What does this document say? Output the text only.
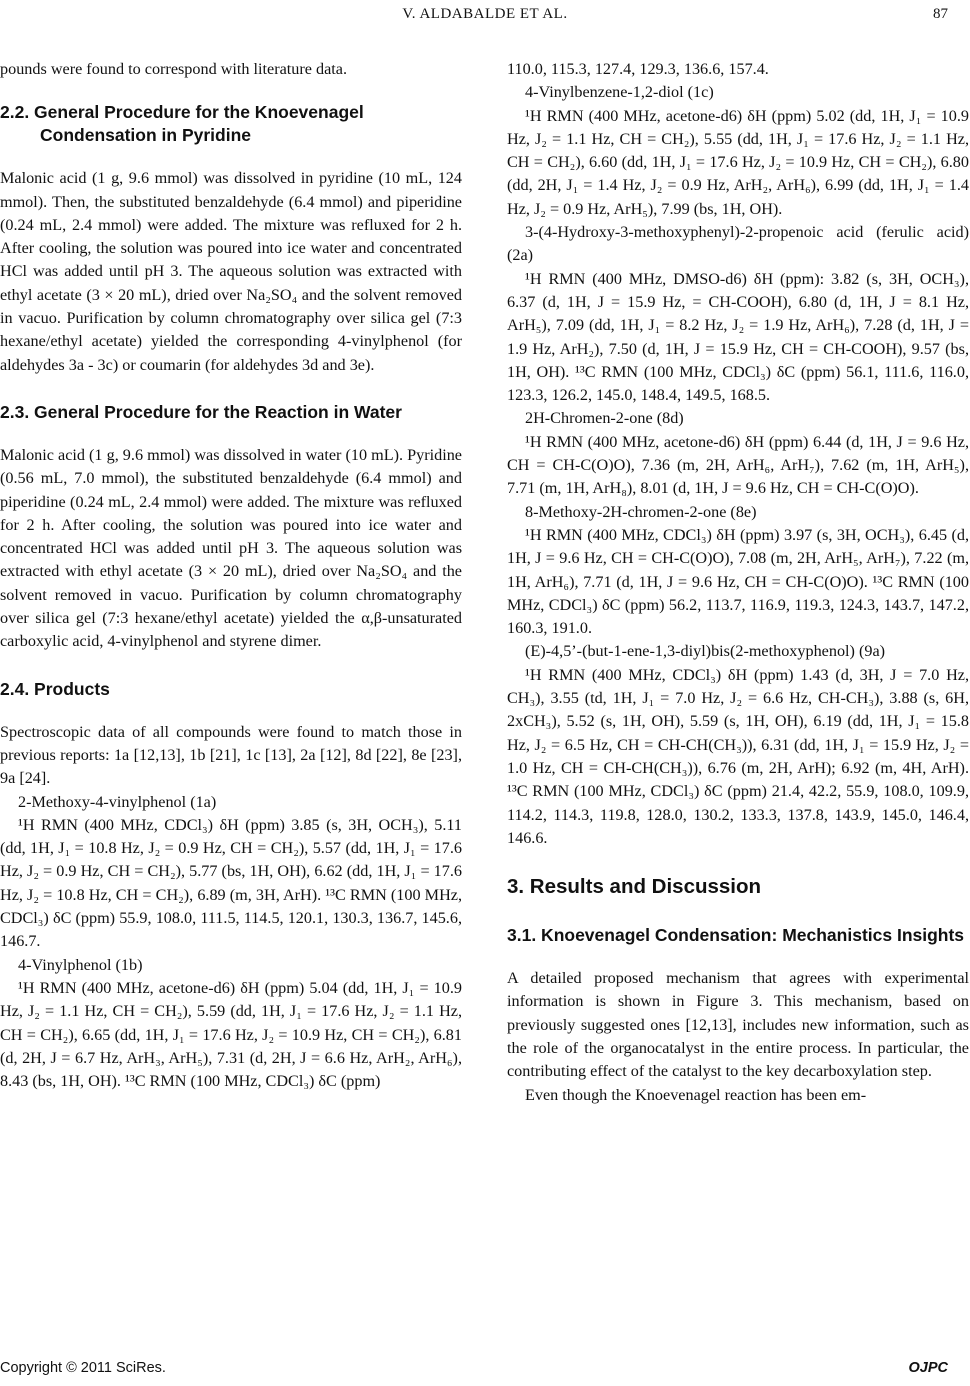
V. ALDABALDE ET AL.	87

pounds were found to correspond with literature data.

2.2. General Procedure for the Knoevenagel Condensation in Pyridine

Malonic acid (1 g, 9.6 mmol) was dissolved in pyridine (10 mL, 124 mmol). Then, the substituted benzaldehyde (6.4 mmol) and piperidine (0.24 mL, 2.4 mmol) were added. The mixture was refluxed for 2 h. After cooling, the solution was poured into ice water and concentrated HCl was added until pH 3. The aqueous solution was extracted with ethyl acetate (3 × 20 mL), dried over Na₂SO₄ and the solvent removed in vacuo. Purification by column chromatography over silica gel (7:3 hexane/ethyl acetate) yielded the corresponding 4-vinylphenol (for aldehydes 3a - 3c) or coumarin (for aldehydes 3d and 3e).

2.3. General Procedure for the Reaction in Water

Malonic acid (1 g, 9.6 mmol) was dissolved in water (10 mL). Pyridine (0.56 mL, 7.0 mmol), the substituted benzaldehyde (6.4 mmol) and piperidine (0.24 mL, 2.4 mmol) were added. The mixture was refluxed for 2 h. After cooling, the solution was poured into ice water and concentrated HCl was added until pH 3. The aqueous solution was extracted with ethyl acetate (3 × 20 mL), dried over Na₂SO₄ and the solvent removed in vacuo. Purification by column chromatography over silica gel (7:3 hexane/ethyl acetate) yielded the α,β-unsaturated carboxylic acid, 4-vinylphenol and styrene dimer.

2.4. Products

Spectroscopic data of all compounds were found to match those in previous reports: 1a [12,13], 1b [21], 1c [13], 2a [12], 8d [22], 8e [23], 9a [24].

2-Methoxy-4-vinylphenol (1a)

¹H RMN (400 MHz, CDCl₃) δH (ppm) 3.85 (s, 3H, OCH₃), 5.11 (dd, 1H, J₁ = 10.8 Hz, J₂ = 0.9 Hz, CH = CH₂), 5.57 (dd, 1H, J₁ = 17.6 Hz, J₂ = 0.9 Hz, CH = CH₂), 5.77 (bs, 1H, OH), 6.62 (dd, 1H, J₁ = 17.6 Hz, J₂ = 10.8 Hz, CH = CH₂), 6.89 (m, 3H, ArH). ¹³C RMN (100 MHz, CDCl₃) δC (ppm) 55.9, 108.0, 111.5, 114.5, 120.1, 130.3, 136.7, 145.6, 146.7.

4-Vinylphenol (1b)

¹H RMN (400 MHz, acetone-d6) δH (ppm) 5.04 (dd, 1H, J₁ = 10.9 Hz, J₂ = 1.1 Hz, CH = CH₂), 5.59 (dd, 1H, J₁ = 17.6 Hz, J₂ = 1.1 Hz, CH = CH₂), 6.65 (dd, 1H, J₁ = 17.6 Hz, J₂ = 10.9 Hz, CH = CH₂), 6.81 (d, 2H, J = 6.7 Hz, ArH₃, ArH₅), 7.31 (d, 2H, J = 6.6 Hz, ArH₂, ArH₆), 8.43 (bs, 1H, OH). ¹³C RMN (100 MHz, CDCl₃) δC (ppm)

110.0, 115.3, 127.4, 129.3, 136.6, 157.4.

4-Vinylbenzene-1,2-diol (1c)

¹H RMN (400 MHz, acetone-d6) δH (ppm) 5.02 (dd, 1H, J₁ = 10.9 Hz, J₂ = 1.1 Hz, CH = CH₂), 5.55 (dd, 1H, J₁ = 17.6 Hz, J₂ = 1.1 Hz, CH = CH₂), 6.60 (dd, 1H, J₁ = 17.6 Hz, J₂ = 10.9 Hz, CH = CH₂), 6.80 (dd, 2H, J₁ = 1.4 Hz, J₂ = 0.9 Hz, ArH₂, ArH₆), 6.99 (dd, 1H, J₁ = 1.4 Hz, J₂ = 0.9 Hz, ArH₅), 7.99 (bs, 1H, OH).

3-(4-Hydroxy-3-methoxyphenyl)-2-propenoic acid (ferulic acid) (2a)

¹H RMN (400 MHz, DMSO-d6) δH (ppm): 3.82 (s, 3H, OCH₃), 6.37 (d, 1H, J = 15.9 Hz, = CH-COOH), 6.80 (d, 1H, J = 8.1 Hz, ArH₅), 7.09 (dd, 1H, J₁ = 8.2 Hz, J₂ = 1.9 Hz, ArH₆), 7.28 (d, 1H, J = 1.9 Hz, ArH₂), 7.50 (d, 1H, J = 15.9 Hz, CH = CH-COOH), 9.57 (bs, 1H, OH). ¹³C RMN (100 MHz, CDCl₃) δC (ppm) 56.1, 111.6, 116.0, 123.3, 126.2, 145.0, 148.4, 149.5, 168.5.

2H-Chromen-2-one (8d)

¹H RMN (400 MHz, acetone-d6) δH (ppm) 6.44 (d, 1H, J = 9.6 Hz, CH = CH-C(O)O), 7.36 (m, 2H, ArH₆, ArH₇), 7.62 (m, 1H, ArH₅), 7.71 (m, 1H, ArH₈), 8.01 (d, 1H, J = 9.6 Hz, CH = CH-C(O)O).

8-Methoxy-2H-chromen-2-one (8e)

¹H RMN (400 MHz, CDCl₃) δH (ppm) 3.97 (s, 3H, OCH₃), 6.45 (d, 1H, J = 9.6 Hz, CH = CH-C(O)O), 7.08 (m, 2H, ArH₅, ArH₇), 7.22 (m, 1H, ArH₆), 7.71 (d, 1H, J = 9.6 Hz, CH = CH-C(O)O). ¹³C RMN (100 MHz, CDCl₃) δC (ppm) 56.2, 113.7, 116.9, 119.3, 124.3, 143.7, 147.2, 160.3, 191.0.

(E)-4,5’-(but-1-ene-1,3-diyl)bis(2-methoxyphenol) (9a)

¹H RMN (400 MHz, CDCl₃) δH (ppm) 1.43 (d, 3H, J = 7.0 Hz, CH₃), 3.55 (td, 1H, J₁ = 7.0 Hz, J₂ = 6.6 Hz, CH-CH₃), 3.88 (s, 6H, 2xCH₃), 5.52 (s, 1H, OH), 5.59 (s, 1H, OH), 6.19 (dd, 1H, J₁ = 15.8 Hz, J₂ = 6.5 Hz, CH = CH-CH(CH₃)), 6.31 (dd, 1H, J₁ = 15.9 Hz, J₂ = 1.0 Hz, CH = CH-CH(CH₃)), 6.76 (m, 2H, ArH); 6.92 (m, 4H, ArH). ¹³C RMN (100 MHz, CDCl₃) δC (ppm) 21.4, 42.2, 55.9, 108.0, 109.9, 114.2, 114.3, 119.8, 128.0, 130.2, 133.3, 137.8, 143.9, 145.0, 146.4, 146.6.

3. Results and Discussion
3.1. Knoevenagel Condensation: Mechanistics Insights

A detailed proposed mechanism that agrees with experimental information is shown in Figure 3. This mechanism, based on previously suggested ones [12,13], includes new information, such as the role of the organocatalyst in the entire process. In particular, the contributing effect of the catalyst to the key decarboxylation step.

Even though the Knoevenagel reaction has been em-

Copyright © 2011 SciRes.	OJPC
